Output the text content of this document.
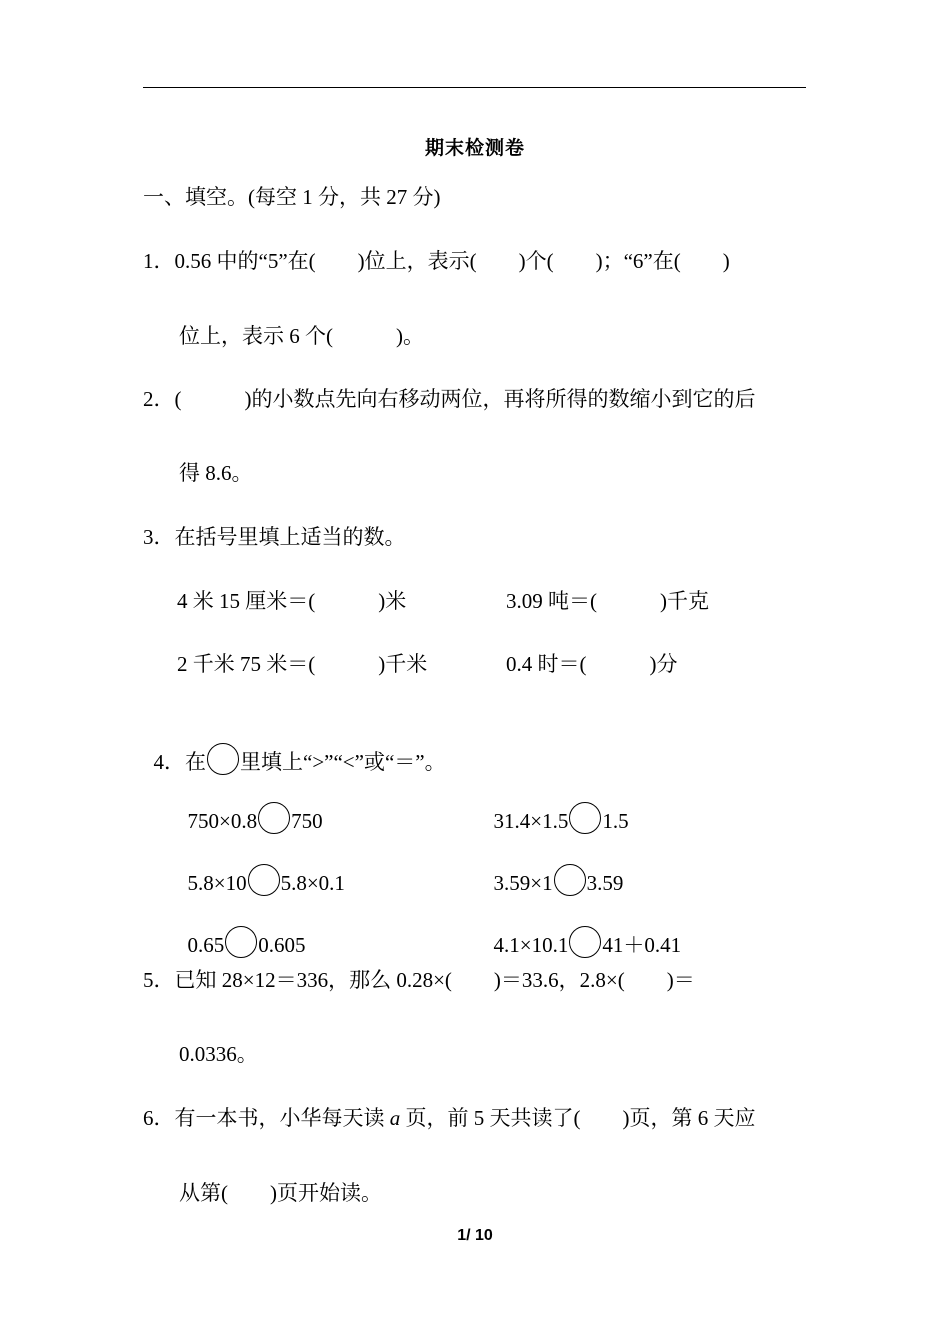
期末检测卷
一、填空。(每空 1 分，共 27 分)
1．0.56 中的“5”在(　　)位上，表示(　　)个(　　)；“6”在(　　)
位上，表示 6 个(　　　)。
2．(　　　)的小数点先向右移动两位，再将所得的数缩小到它的后
得 8.6。
3．在括号里填上适当的数。
4 米 15 厘米＝(　　　)米	3.09 吨＝(　　　)千克
2 千米 75 米＝(　　　)千米	0.4 时＝(　　　)分

4．在 里填上“>”“<”或“＝”。

750×0.8 750	31.4×1.5 1.5

5.8×10 5.8×0.1	3.59×1 3.59

0.65 0.605	4.1×10.1 41＋0.41

5．已知 28×12＝336，那么 0.28×(　　)＝33.6，2.8×(　　)＝
0.0336。
6．有一本书，小华每天读 a 页，前 5 天共读了(　　)页，第 6 天应
从第(　　)页开始读。
1/ 10
